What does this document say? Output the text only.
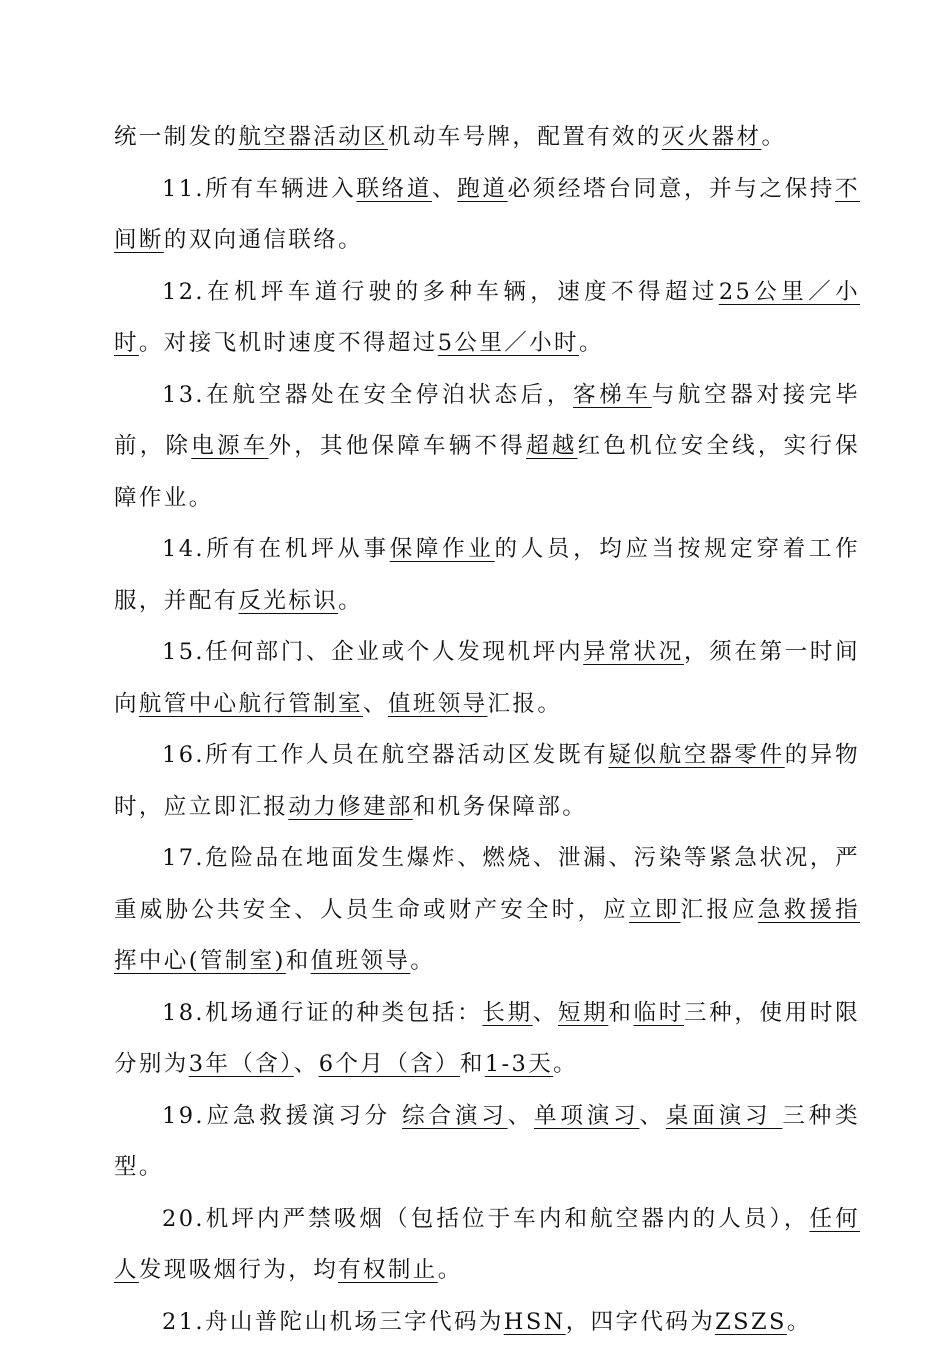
统一制发的航空器活动区机动车号牌，配置有效的灭火器材。

11.所有车辆进入联络道、跑道必须经塔台同意，并与之保持不间断的双向通信联络。

12.在机坪车道行驶的多种车辆，速度不得超过25公里／小时。对接飞机时速度不得超过5公里／小时。

13.在航空器处在安全停泊状态后，客梯车与航空器对接完毕前，除电源车外，其他保障车辆不得超越红色机位安全线，实行保障作业。

14.所有在机坪从事保障作业的人员，均应当按规定穿着工作服，并配有反光标识。

15.任何部门、企业或个人发现机坪内异常状况，须在第一时间向航管中心航行管制室、值班领导汇报。

16.所有工作人员在航空器活动区发既有疑似航空器零件的异物时，应立即汇报动力修建部和机务保障部。

17.危险品在地面发生爆炸、燃烧、泄漏、污染等紧急状况，严重威胁公共安全、人员生命或财产安全时，应立即汇报应急救援指挥中心(管制室)和值班领导。

18.机场通行证的种类包括：长期、短期和临时三种，使用时限分别为3年（含）、6个月（含）和1-3天。

19.应急救援演习分 综合演习、单项演习、桌面演习 三种类型。

20.机坪内严禁吸烟（包括位于车内和航空器内的人员），任何人发现吸烟行为，均有权制止。

21.舟山普陀山机场三字代码为HSN，四字代码为ZSZS。
